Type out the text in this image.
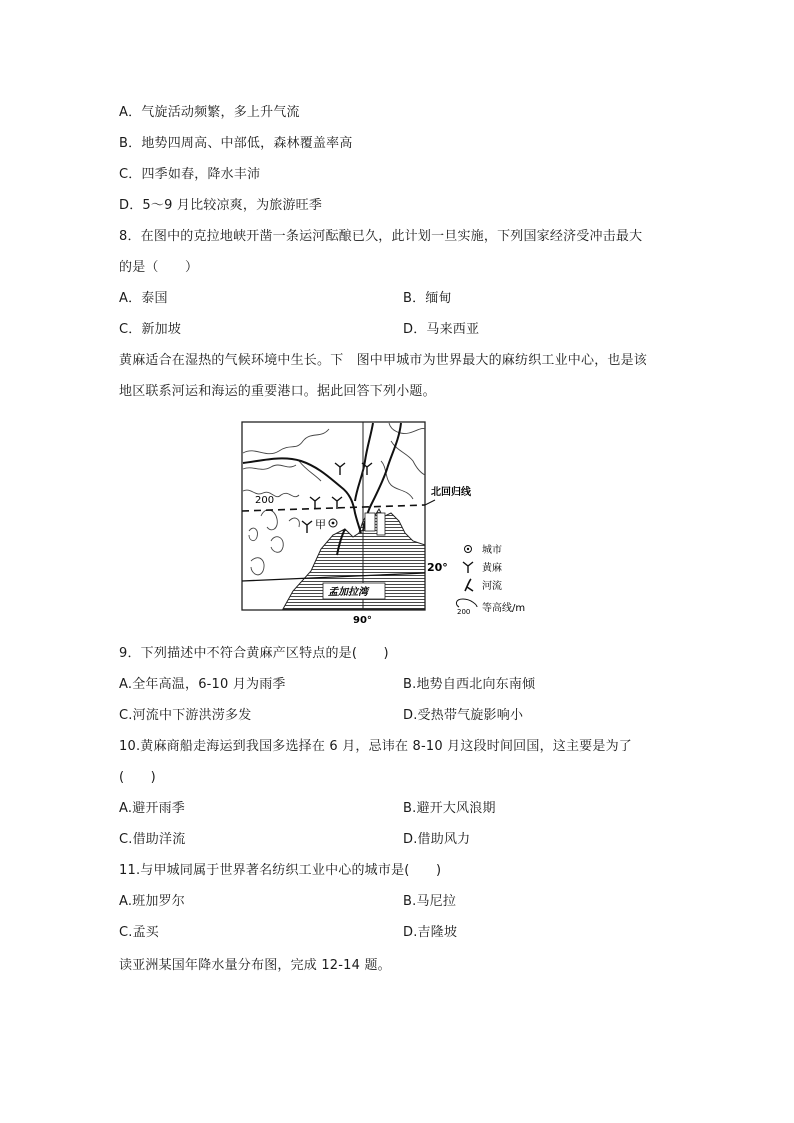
A．气旋活动频繁，多上升气流
B．地势四周高、中部低，森林覆盖率高
C．四季如春，降水丰沛
D．5～9 月比较凉爽，为旅游旺季
8．在图中的克拉地峡开凿一条运河酝酿已久，此计划一旦实施，下列国家经济受冲击最大
的是（　　）
A．泰国	B．缅甸
C．新加坡	D．马来西亚
黄麻适合在湿热的气候环境中生长。下　图中甲城市为世界最大的麻纺织工业中心，也是该
地区联系河运和海运的重要港口。据此回答下列小题。
甲
200
北回归线
孟加拉湾
20°
90°
城市
黄麻
河流
200 等高线/m
9．下列描述中不符合黄麻产区特点的是(　　)
A.全年高温，6-10 月为雨季	B.地势自西北向东南倾
C.河流中下游洪涝多发	D.受热带气旋影响小
10.黄麻商船走海运到我国多选择在 6 月，忌讳在 8-10 月这段时间回国，这主要是为了
(　　)
A.避开雨季	B.避开大风浪期
C.借助洋流	D.借助风力
11.与甲城同属于世界著名纺织工业中心的城市是(　　)
A.班加罗尔	B.马尼拉
C.孟买	D.吉隆坡
读亚洲某国年降水量分布图，完成 12-14 题。
